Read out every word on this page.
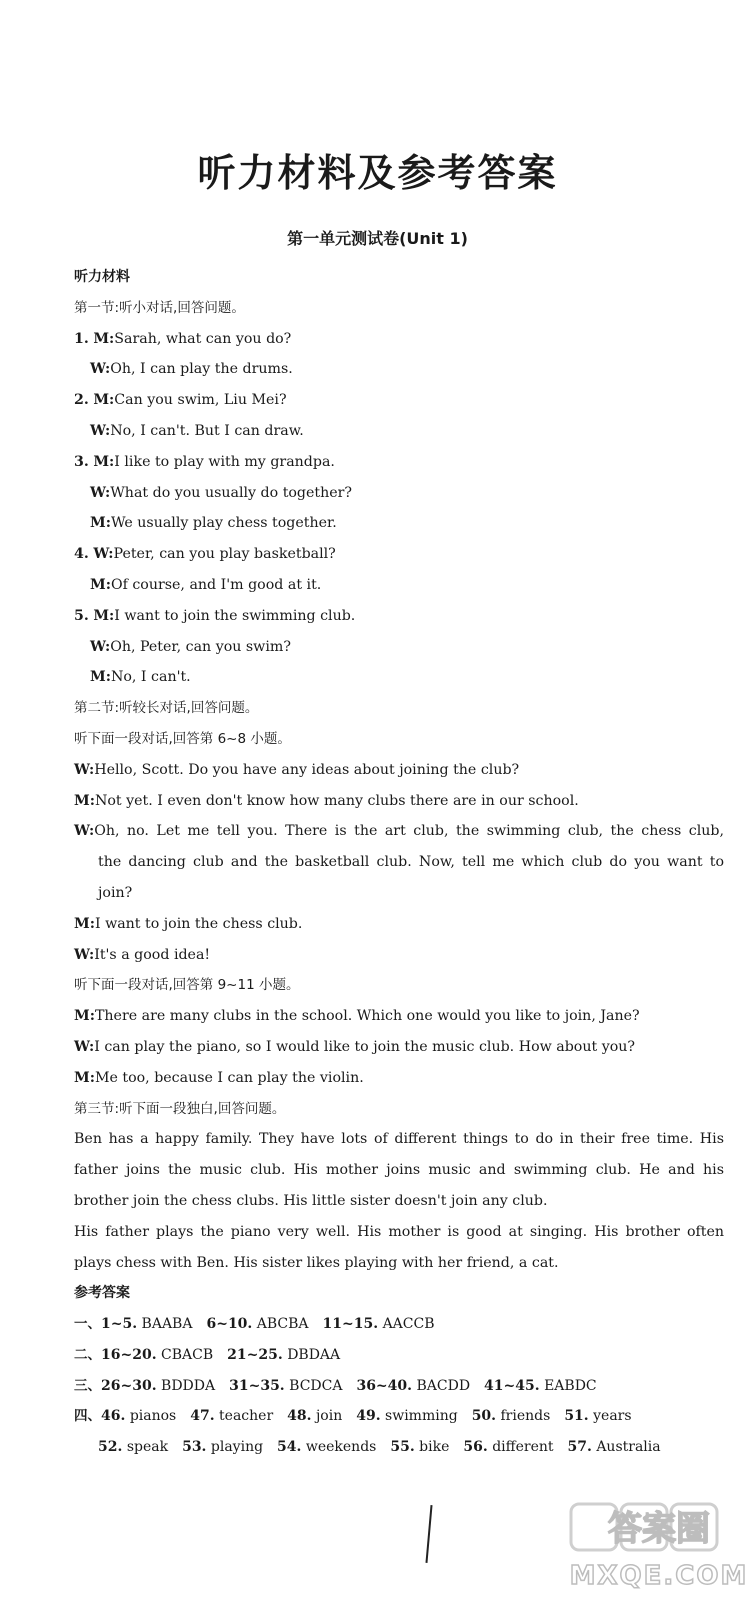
听力材料及参考答案
第一单元测试卷(Unit 1)
听力材料
第一节:听小对话,回答问题。
1. M:Sarah, what can you do?
W:Oh, I can play the drums.
2. M:Can you swim, Liu Mei?
W:No, I can't. But I can draw.
3. M:I like to play with my grandpa.
W:What do you usually do together?
M:We usually play chess together.
4. W:Peter, can you play basketball?
M:Of course, and I'm good at it.
5. M:I want to join the swimming club.
W:Oh, Peter, can you swim?
M:No, I can't.
第二节:听较长对话,回答问题。
听下面一段对话,回答第 6~8 小题。
W:Hello, Scott. Do you have any ideas about joining the club?
M:Not yet. I even don't know how many clubs there are in our school.
W:Oh, no. Let me tell you. There is the art club, the swimming club, the chess club,
the dancing club and the basketball club. Now, tell me which club do you want to
join?
M:I want to join the chess club.
W:It's a good idea!
听下面一段对话,回答第 9~11 小题。
M:There are many clubs in the school. Which one would you like to join, Jane?
W:I can play the piano, so I would like to join the music club. How about you?
M:Me too, because I can play the violin.
第三节:听下面一段独白,回答问题。
Ben has a happy family. They have lots of different things to do in their free time. His
father joins the music club. His mother joins music and swimming club. He and his
brother join the chess clubs. His little sister doesn't join any club.
His father plays the piano very well. His mother is good at singing. His brother often
plays chess with Ben. His sister likes playing with her friend, a cat.
参考答案
一、1~5. BAABA 6~10. ABCBA 11~15. AACCB
二、16~20. CBACB 21~25. DBDAA
三、26~30. BDDDA 31~35. BCDCA 36~40. BACDD 41~45. EABDC
四、46. pianos 47. teacher 48. join 49. swimming 50. friends 51. years
52. speak 53. playing 54. weekends 55. bike 56. different 57. Australia
答案圈
MXQE.COM
